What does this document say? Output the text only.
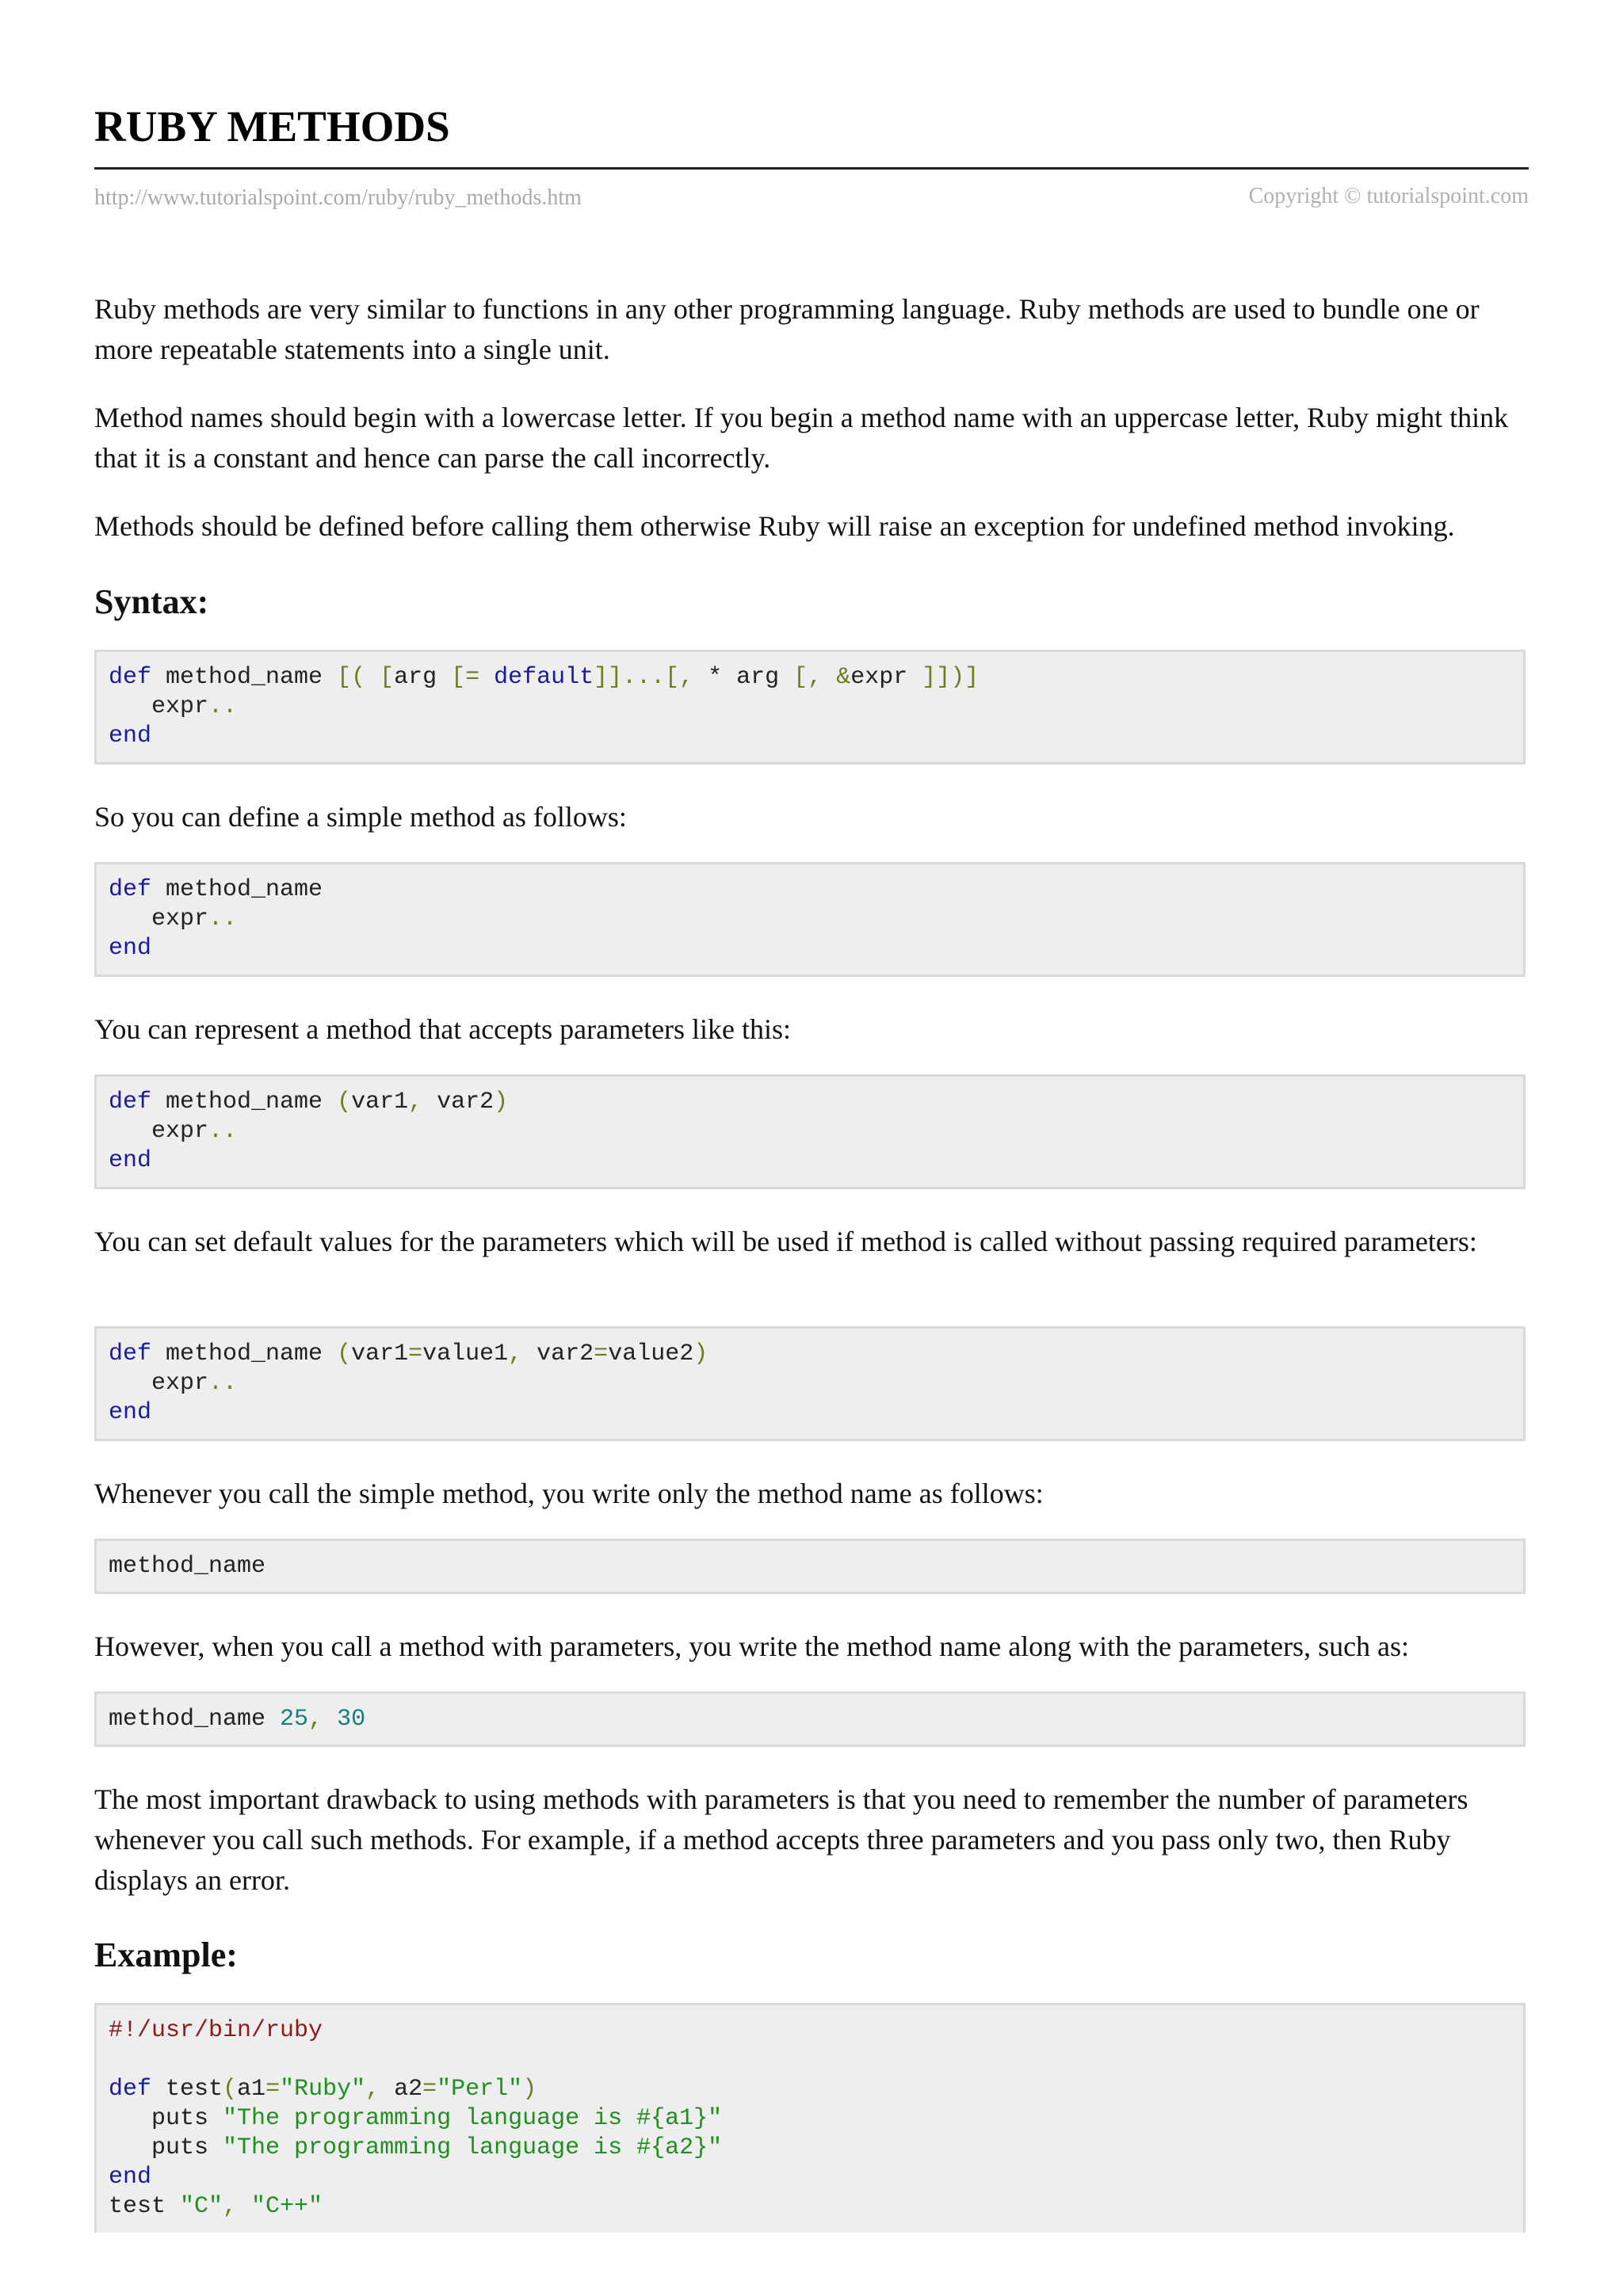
RUBY METHODS
http://www.tutorialspoint.com/ruby/ruby_methods.htm	Copyright © tutorialspoint.com

Ruby methods are very similar to functions in any other programming language. Ruby methods are used to bundle one or more repeatable statements into a single unit.

Method names should begin with a lowercase letter. If you begin a method name with an uppercase letter, Ruby might think that it is a constant and hence can parse the call incorrectly.

Methods should be defined before calling them otherwise Ruby will raise an exception for undefined method invoking.

Syntax:
def method_name [( [arg [= default]]...[, * arg [, &expr ]])]
expr..
end

So you can define a simple method as follows:

def method_name
expr..
end

You can represent a method that accepts parameters like this:

def method_name (var1, var2)
expr..
end

You can set default values for the parameters which will be used if method is called without passing required parameters:

def method_name (var1=value1, var2=value2)
expr..
end

Whenever you call the simple method, you write only the method name as follows:

method_name

However, when you call a method with parameters, you write the method name along with the parameters, such as:

method_name 25, 30

The most important drawback to using methods with parameters is that you need to remember the number of parameters whenever you call such methods. For example, if a method accepts three parameters and you pass only two, then Ruby displays an error.

Example:
#!/usr/bin/ruby
def test(a1="Ruby", a2="Perl")
puts "The programming language is #{a1}"
puts "The programming language is #{a2}"
end
test "C", "C++"
